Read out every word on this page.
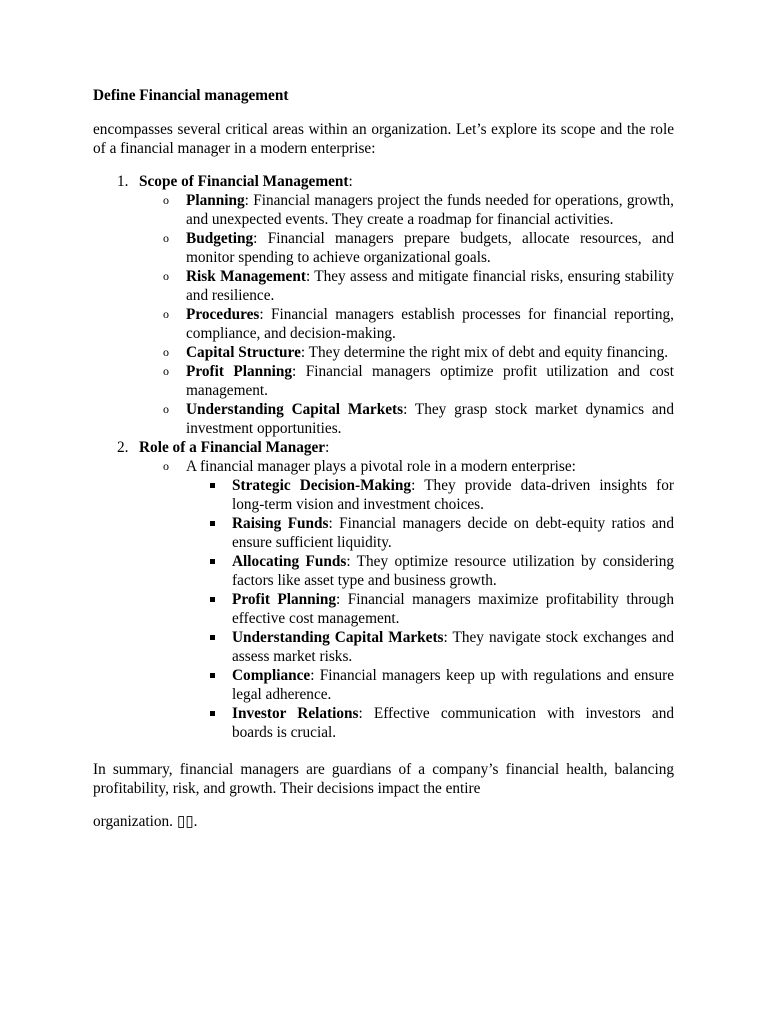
Define Financial management

encompasses several critical areas within an organization. Let’s explore its scope and the role of a financial manager in a modern enterprise:

1. Scope of Financial Management:
o Planning: Financial managers project the funds needed for operations, growth, and unexpected events. They create a roadmap for financial activities.
o Budgeting: Financial managers prepare budgets, allocate resources, and monitor spending to achieve organizational goals.
o Risk Management: They assess and mitigate financial risks, ensuring stability and resilience.
o Procedures: Financial managers establish processes for financial reporting, compliance, and decision-making.
o Capital Structure: They determine the right mix of debt and equity financing.
o Profit Planning: Financial managers optimize profit utilization and cost management.
o Understanding Capital Markets: They grasp stock market dynamics and investment opportunities.
2. Role of a Financial Manager:
o A financial manager plays a pivotal role in a modern enterprise:
Strategic Decision-Making: They provide data-driven insights for long-term vision and investment choices.
Raising Funds: Financial managers decide on debt-equity ratios and ensure sufficient liquidity.
Allocating Funds: They optimize resource utilization by considering factors like asset type and business growth.
Profit Planning: Financial managers maximize profitability through effective cost management.
Understanding Capital Markets: They navigate stock exchanges and assess market risks.
Compliance: Financial managers keep up with regulations and ensure legal adherence.
Investor Relations: Effective communication with investors and boards is crucial.

In summary, financial managers are guardians of a company’s financial health, balancing profitability, risk, and growth. Their decisions impact the entire

organization. ▯▯.
